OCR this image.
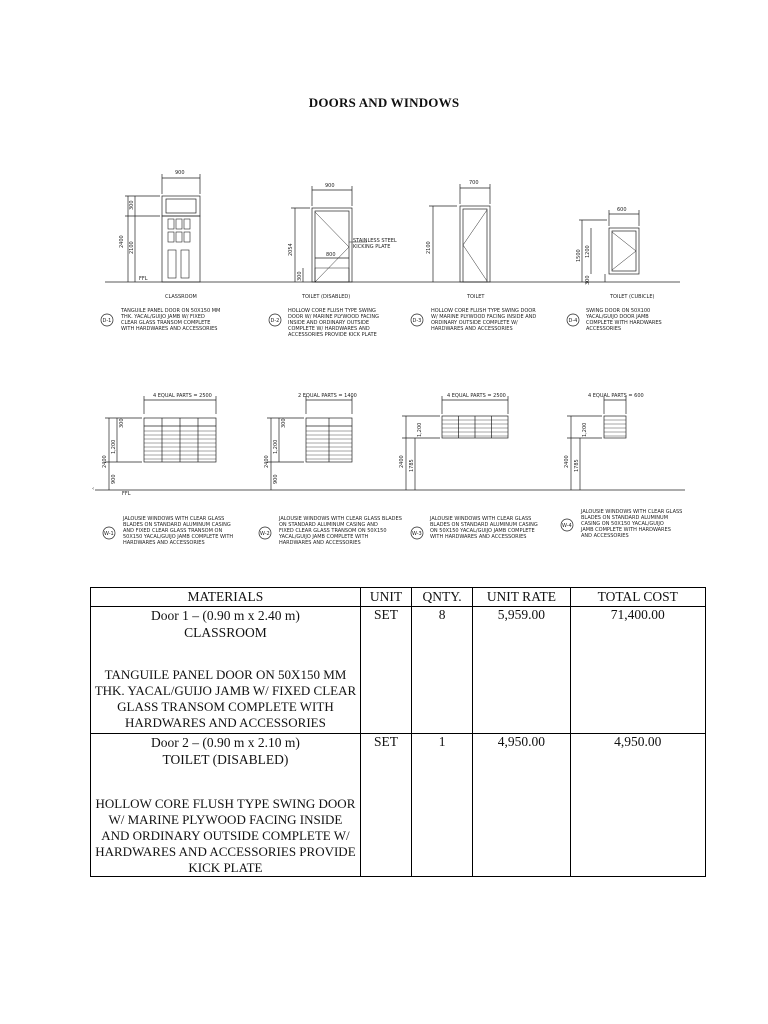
DOORS AND WINDOWS
900
2400 2100
300
FFL
CLASSROOM
D-1
TANGUILE PANEL DOOR ON 50X150 MM
THK. YACAL/GUIJO JAMB W/ FIXED
CLEAR GLASS TRANSOM COMPLETE
WITH HARDWARES AND ACCESSORIES
900
2054
300
800
STAINLESS STEEL
KICKING PLATE
TOILET (DISABLED)
D-2
HOLLOW CORE FLUSH TYPE SWING
DOOR W/ MARINE PLYWOOD FACING
INSIDE AND ORDINARY OUTSIDE
COMPLETE W/ HARDWARES AND
ACCESSORIES PROVIDE KICK PLATE
700
2100
TOILET
D-3
HOLLOW CORE FLUSH TYPE SWING DOOR
W/ MARINE PLYWOOD FACING INSIDE AND
ORDINARY OUTSIDE COMPLETE W/
HARDWARES AND ACCESSORIES
600
1500 1200
300
TOILET (CUBICLE)
D-4
SWING DOOR ON 50X100
YACAL/GUIJO DOOR JAMB
COMPLETE WITH HARDWARES
ACCESSORIES
‹
4 EQUAL PARTS = 2500
2400
1,200
900
300
FFL
W-1
JALOUSIE WINDOWS WITH CLEAR GLASS
BLADES ON STANDARD ALUMINUM CASING
AND FIXED CLEAR GLASS TRANSOM ON
50X150 YACAL/GUIJO JAMB COMPLETE WITH
HARDWARES AND ACCESSORIES
2 EQUAL PARTS = 1400
2400
1,200
900
300
W-2
JALOUSIE WINDOWS WITH CLEAR GLASS BLADES
ON STANDARD ALUMINUM CASING AND
FIXED CLEAR GLASS TRANSOM ON 50X150
YACAL/GUIJO JAMB COMPLETE WITH
HARDWARES AND ACCESSORIES
4 EQUAL PARTS = 2500
2400
1,200
1785
W-3
JALOUSIE WINDOWS WITH CLEAR GLASS
BLADES ON STANDARD ALUMINUM CASING
ON 50X150 YACAL/GUIJO JAMB COMPLETE
WITH HARDWARES AND ACCESSORIES
4 EQUAL PARTS = 600
2400
1,200
1785
W-4
JALOUSIE WINDOWS WITH CLEAR GLASS
BLADES ON STANDARD ALUMINUM
CASING ON 50X150 YACAL/GUIJO
JAMB COMPLETE WITH HARDWARES
AND ACCESSORIES
MATERIALS	UNIT	QNTY.	UNIT RATE	TOTAL COST

Door 1 – (0.90 m x 2.40 m)
CLASSROOM
TANGUILE PANEL DOOR ON 50X150 MM THK. YACAL/GUIJO JAMB W/ FIXED CLEAR GLASS TRANSOM COMPLETE WITH HARDWARES AND ACCESSORIES	SET	8	5,959.00	71,400.00

Door 2 – (0.90 m x 2.10 m)
TOILET (DISABLED)
HOLLOW CORE FLUSH TYPE SWING DOOR W/ MARINE PLYWOOD FACING INSIDE AND ORDINARY OUTSIDE COMPLETE W/ HARDWARES AND ACCESSORIES PROVIDE KICK PLATE	SET	1	4,950.00	4,950.00
